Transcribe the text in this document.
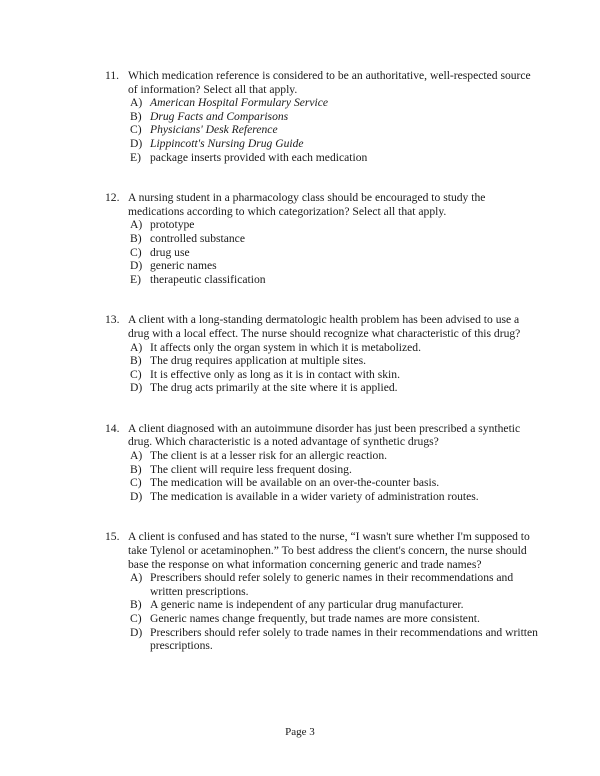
11. Which medication reference is considered to be an authoritative, well-respected source
of information? Select all that apply.
A) American Hospital Formulary Service
B) Drug Facts and Comparisons
C) Physicians' Desk Reference
D) Lippincott's Nursing Drug Guide
E) package inserts provided with each medication
12. A nursing student in a pharmacology class should be encouraged to study the
medications according to which categorization? Select all that apply.
A) prototype
B) controlled substance
C) drug use
D) generic names
E) therapeutic classification
13. A client with a long-standing dermatologic health problem has been advised to use a
drug with a local effect. The nurse should recognize what characteristic of this drug?
A) It affects only the organ system in which it is metabolized.
B) The drug requires application at multiple sites.
C) It is effective only as long as it is in contact with skin.
D) The drug acts primarily at the site where it is applied.
14. A client diagnosed with an autoimmune disorder has just been prescribed a synthetic
drug. Which characteristic is a noted advantage of synthetic drugs?
A) The client is at a lesser risk for an allergic reaction.
B) The client will require less frequent dosing.
C) The medication will be available on an over-the-counter basis.
D) The medication is available in a wider variety of administration routes.
15. A client is confused and has stated to the nurse, “I wasn't sure whether I'm supposed to
take Tylenol or acetaminophen.” To best address the client's concern, the nurse should
base the response on what information concerning generic and trade names?
A) Prescribers should refer solely to generic names in their recommendations and
written prescriptions.
B) A generic name is independent of any particular drug manufacturer.
C) Generic names change frequently, but trade names are more consistent.
D) Prescribers should refer solely to trade names in their recommendations and written
prescriptions.
Page 3
